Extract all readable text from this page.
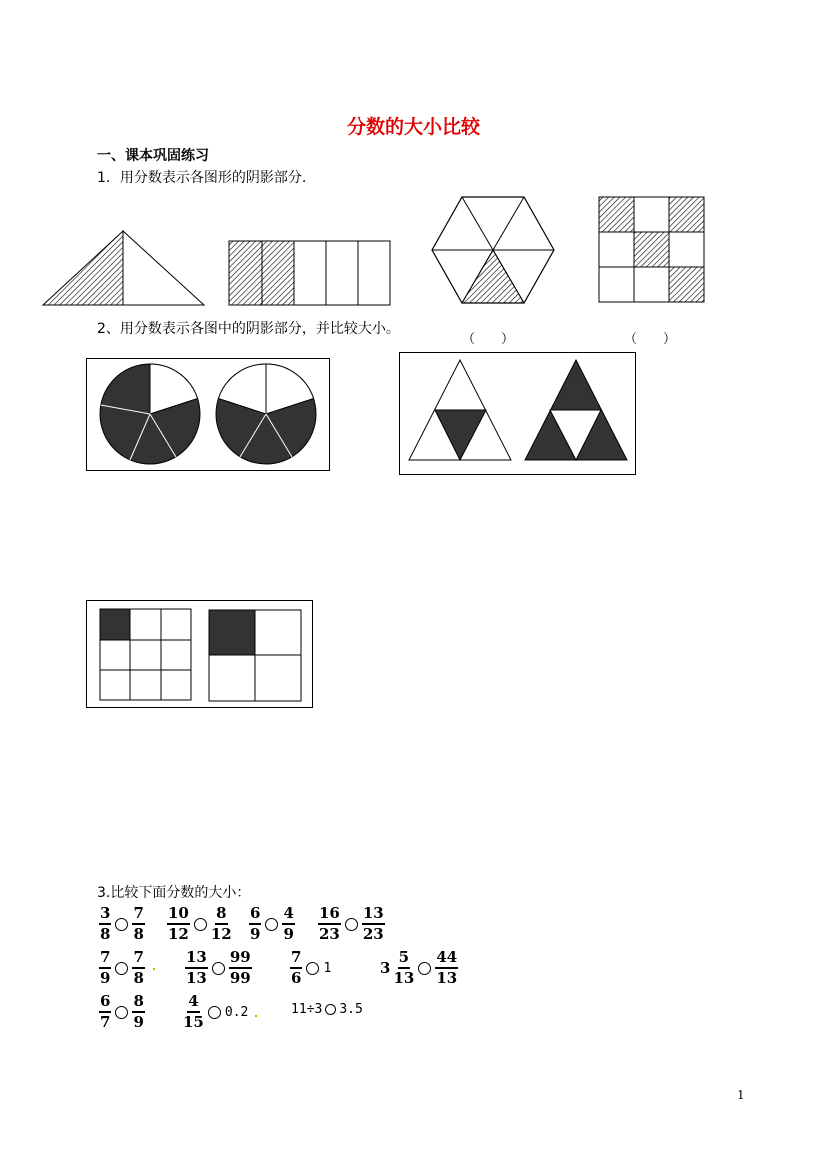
分数的大小比较
一、课本巩固练习
1．用分数表示各图形的阴影部分.
2、用分数表示各图中的阴影部分，并比较大小。
（　　）	（　　）
3.比较下面分数的大小：
$\frac{3}{8} \frac{7}{8} \frac{10}{12} \frac{8}{12} \frac{6}{9} \frac{4}{9} \frac{16}{23} \frac{13}{23}$
$\frac{7}{9} \frac{7}{8}$	$\frac{13}{13} \frac{99}{99}$	$\frac{7}{6} 1$	$3 \frac{5}{13} \frac{44}{13}$
$\frac{6}{7} \frac{8}{9}$	$\frac{4}{15} 0.2$	11÷3 3.5
1
